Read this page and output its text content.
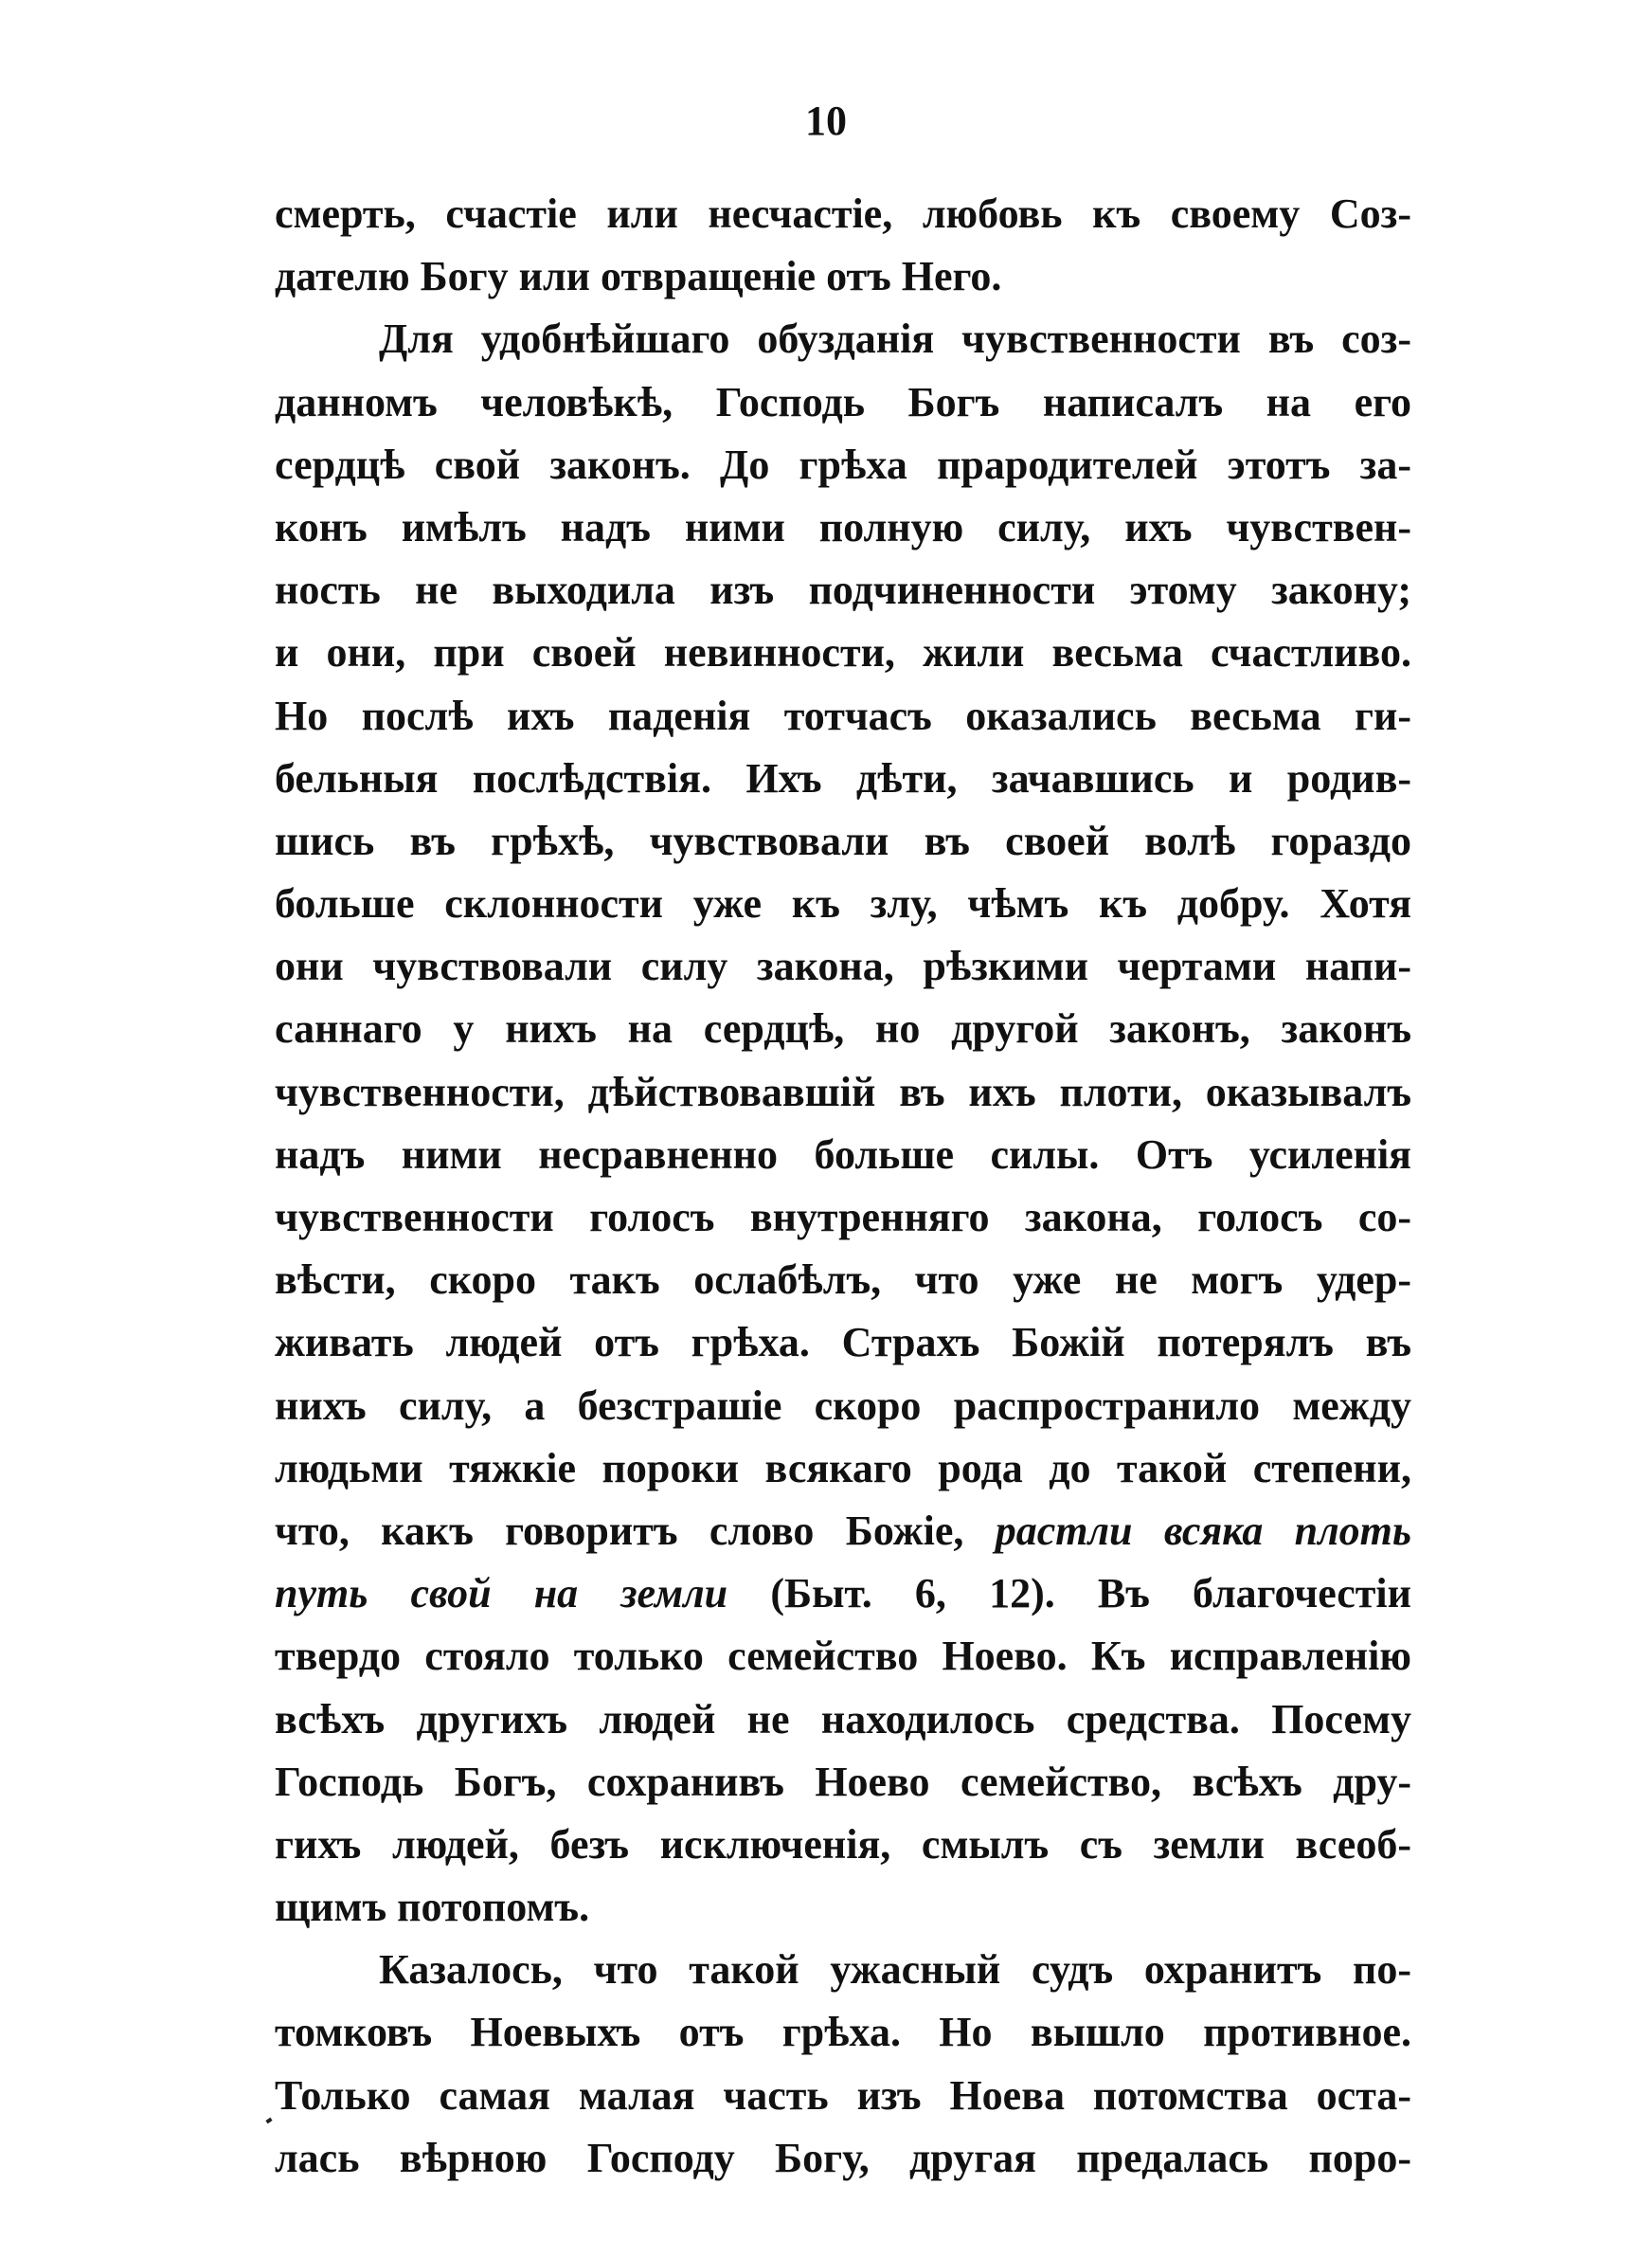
10
смерть, счастіе или несчастіе, любовь къ своему Соз-
дателю Богу или отвращеніе отъ Него.
Для удобнѣйшаго обузданія чувственности въ соз-
данномъ человѣкѣ, Господь Богъ написалъ на его
сердцѣ свой законъ. До грѣха прародителей этотъ за-
конъ имѣлъ надъ ними полную силу, ихъ чувствен-
ность не выходила изъ подчиненности этому закону;
и они, при своей невинности, жили весьма счастливо.
Но послѣ ихъ паденія тотчасъ оказались весьма ги-
бельныя послѣдствія. Ихъ дѣти, зачавшись и родив-
шись въ грѣхѣ, чувствовали въ своей волѣ гораздо
больше склонности уже къ злу, чѣмъ къ добру. Хотя
они чувствовали силу закона, рѣзкими чертами напи-
саннаго у нихъ на сердцѣ, но другой законъ, законъ
чувственности, дѣйствовавшій въ ихъ плоти, оказывалъ
надъ ними несравненно больше силы. Отъ усиленія
чувственности голосъ внутренняго закона, голосъ со-
вѣсти, скоро такъ ослабѣлъ, что уже не могъ удер-
живать людей отъ грѣха. Страхъ Божій потерялъ въ
нихъ силу, а безстрашіе скоро распространило между
людьми тяжкіе пороки всякаго рода до такой степени,
что, какъ говоритъ слово Божіе, растли всяка плоть
путь свой на земли (Быт. 6, 12). Въ благочестіи
твердо стояло только семейство Ноево. Къ исправленію
всѣхъ другихъ людей не находилось средства. Посему
Господь Богъ, сохранивъ Ноево семейство, всѣхъ дру-
гихъ людей, безъ исключенія, смылъ съ земли всеоб-
щимъ потопомъ.
Казалось, что такой ужасный судъ охранитъ по-
томковъ Ноевыхъ отъ грѣха. Но вышло противное.
Только самая малая часть изъ Ноева потомства оста-
лась вѣрною Господу Богу, другая предалась поро-
